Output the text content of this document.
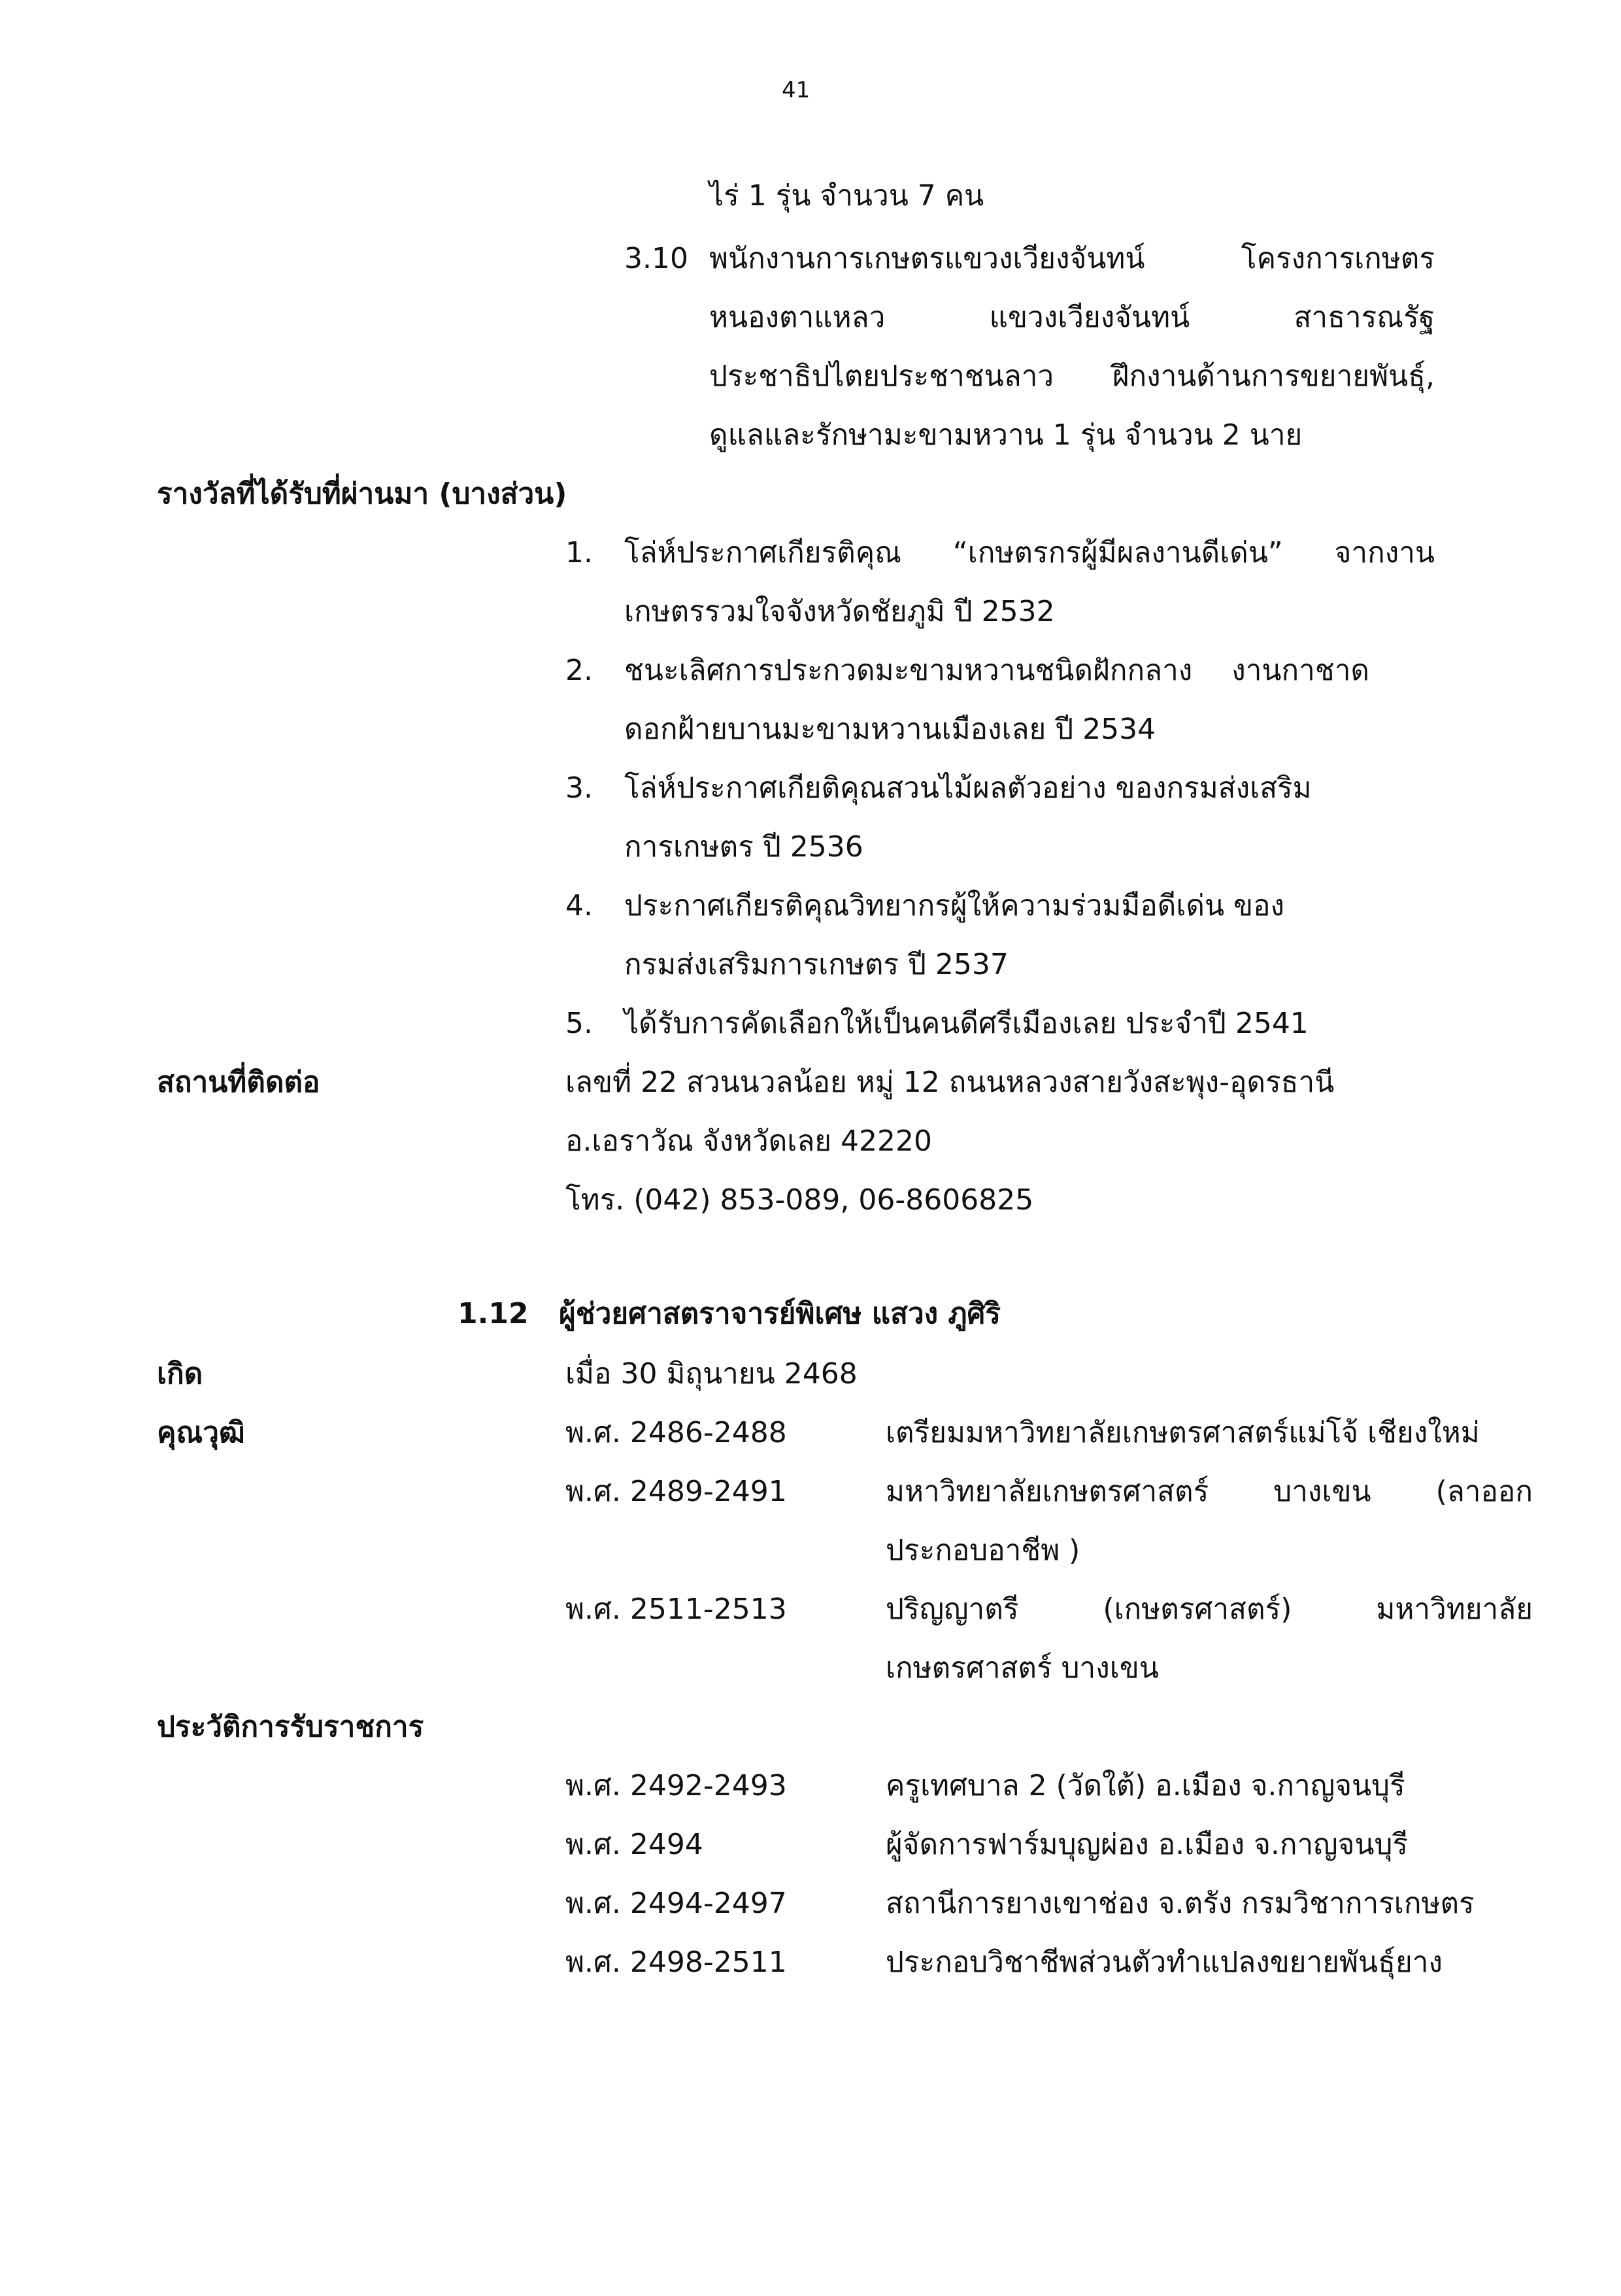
41
ไร่ 1 รุ่น จำนวน 7 คน
3.10 พนักงานการเกษตรแขวงเวียงจันทน์ โครงการเกษตร
หนองตาแหลว แขวงเวียงจันทน์ สาธารณรัฐ
ประชาธิปไตยประชาชนลาว ฝึกงานด้านการขยายพันธุ์,
ดูแลและรักษามะขามหวาน 1 รุ่น จำนวน 2 นาย
รางวัลที่ได้รับที่ผ่านมา (บางส่วน)
1. โล่ห์ประกาศเกียรติคุณ “เกษตรกรผู้มีผลงานดีเด่น” จากงาน
เกษตรรวมใจจังหวัดชัยภูมิ ปี 2532
2. ชนะเลิศการประกวดมะขามหวานชนิดฝักกลาง งานกาชาด
ดอกฝ้ายบานมะขามหวานเมืองเลย ปี 2534
3. โล่ห์ประกาศเกียติคุณสวนไม้ผลตัวอย่าง ของกรมส่งเสริม
การเกษตร ปี 2536
4. ประกาศเกียรติคุณวิทยากรผู้ให้ความร่วมมือดีเด่น ของ
กรมส่งเสริมการเกษตร ปี 2537
5. ได้รับการคัดเลือกให้เป็นคนดีศรีเมืองเลย ประจำปี 2541
สถานที่ติดต่อ	เลขที่ 22 สวนนวลน้อย หมู่ 12 ถนนหลวงสายวังสะพุง-อุดรธานี
อ.เอราวัณ จังหวัดเลย 42220
โทร. (042) 853-089, 06-8606825
1.12 ผู้ช่วยศาสตราจารย์พิเศษ แสวง ภูศิริ
เกิด	เมื่อ 30 มิถุนายน 2468
คุณวุฒิ	พ.ศ. 2486-2488	เตรียมมหาวิทยาลัยเกษตรศาสตร์แม่โจ้ เชียงใหม่
พ.ศ. 2489-2491	มหาวิทยาลัยเกษตรศาสตร์ บางเขน (ลาออก
ประกอบอาชีพ )
พ.ศ. 2511-2513	ปริญญาตรี (เกษตรศาสตร์) มหาวิทยาลัย
เกษตรศาสตร์ บางเขน
ประวัติการรับราชการ
พ.ศ. 2492-2493	ครูเทศบาล 2 (วัดใต้) อ.เมือง จ.กาญจนบุรี
พ.ศ. 2494	ผู้จัดการฟาร์มบุญผ่อง อ.เมือง จ.กาญจนบุรี
พ.ศ. 2494-2497	สถานีการยางเขาช่อง จ.ตรัง กรมวิชาการเกษตร
พ.ศ. 2498-2511	ประกอบวิชาชีพส่วนตัวทำแปลงขยายพันธุ์ยาง
